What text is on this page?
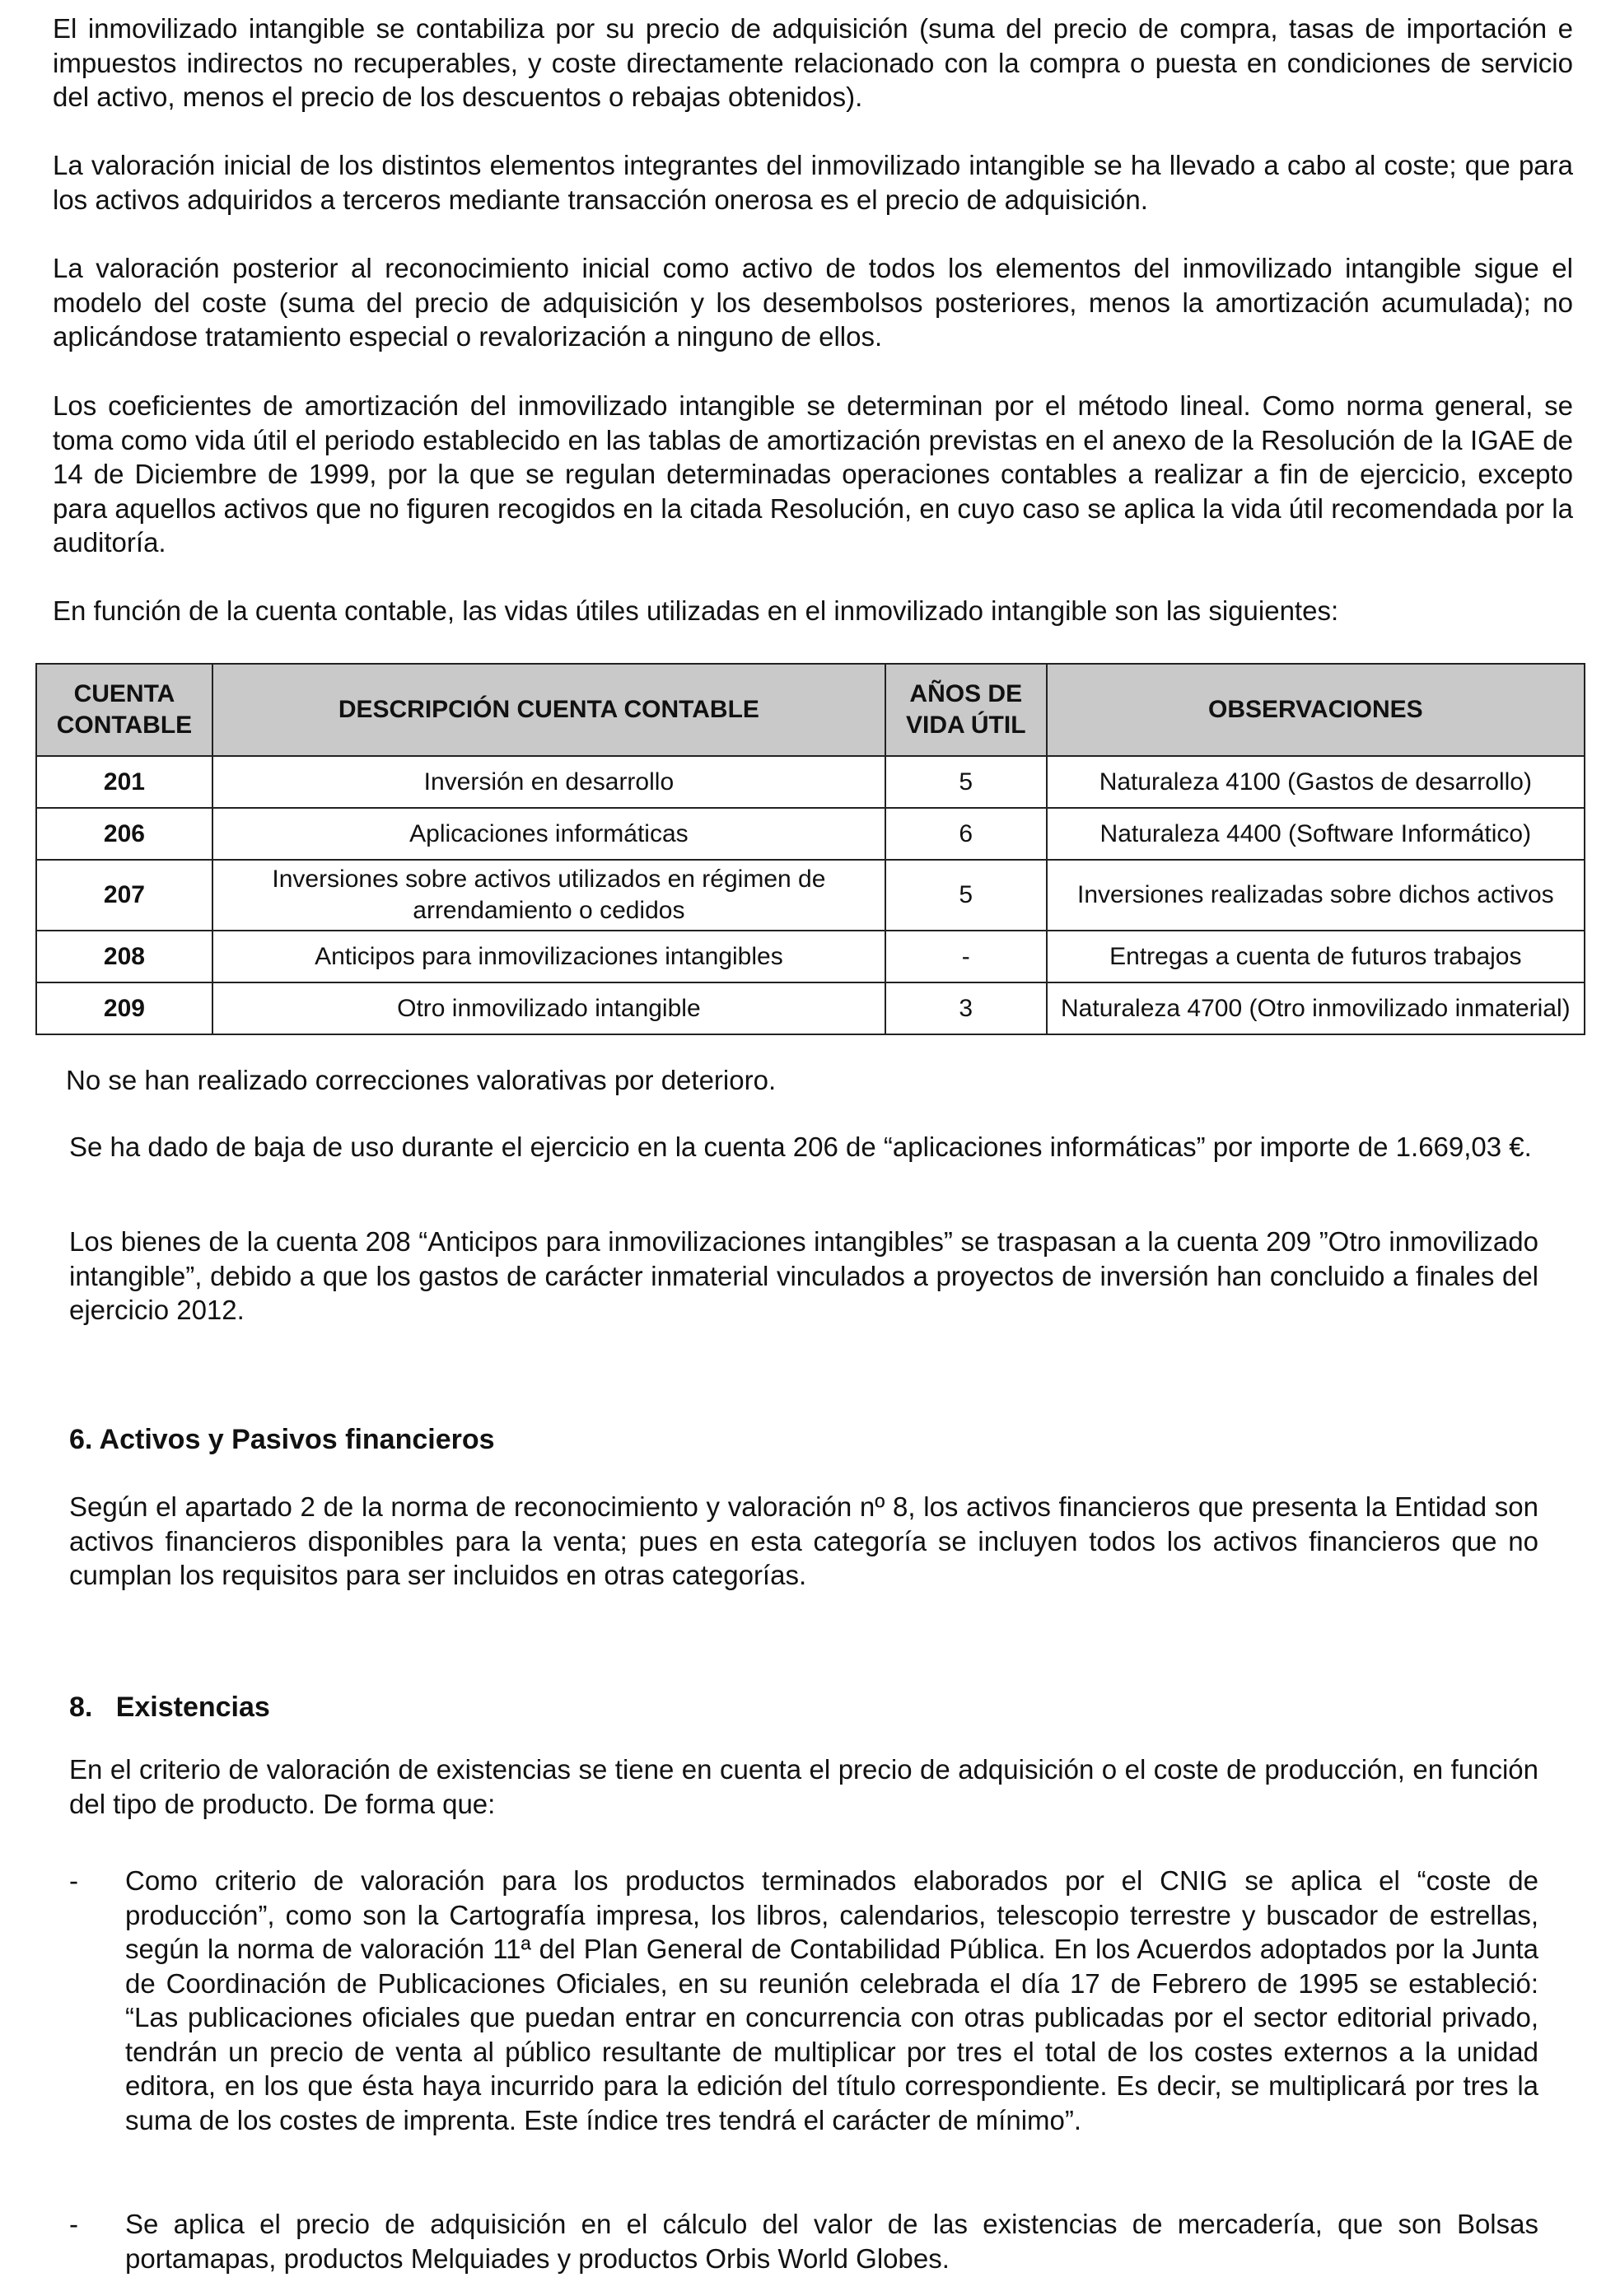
El inmovilizado intangible se contabiliza por su precio de adquisición (suma del precio de compra, tasas de importación e impuestos indirectos no recuperables, y coste directamente relacionado con la compra o puesta en condiciones de servicio del activo, menos el precio de los descuentos o rebajas obtenidos).

La valoración inicial de los distintos elementos integrantes del inmovilizado intangible se ha llevado a cabo al coste; que para los activos adquiridos a terceros mediante transacción onerosa es el precio de adquisición.

La valoración posterior al reconocimiento inicial como activo de todos los elementos del inmovilizado intangible sigue el modelo del coste (suma del precio de adquisición y los desembolsos posteriores, menos la amortización acumulada); no aplicándose tratamiento especial o revalorización a ninguno de ellos.

Los coeficientes de amortización del inmovilizado intangible se determinan por el método lineal. Como norma general, se toma como vida útil el periodo establecido en las tablas de amortización previstas en el anexo de la Resolución de la IGAE de 14 de Diciembre de 1999, por la que se regulan determinadas operaciones contables a realizar a fin de ejercicio, excepto para aquellos activos que no figuren recogidos en la citada Resolución, en cuyo caso se aplica la vida útil recomendada por la auditoría.

En función de la cuenta contable, las vidas útiles utilizadas en el inmovilizado intangible son las siguientes:

CUENTA CONTABLE	DESCRIPCIÓN CUENTA CONTABLE	AÑOS DE VIDA ÚTIL	OBSERVACIONES
201	Inversión en desarrollo	5	Naturaleza 4100 (Gastos de desarrollo)
206	Aplicaciones informáticas	6	Naturaleza 4400 (Software Informático)
207	Inversiones sobre activos utilizados en régimen de arrendamiento o cedidos	5	Inversiones realizadas sobre dichos activos
208	Anticipos para inmovilizaciones intangibles	-	Entregas a cuenta de futuros trabajos
209	Otro inmovilizado intangible	3	Naturaleza 4700 (Otro inmovilizado inmaterial)

No se han realizado correcciones valorativas por deterioro.

Se ha dado de baja de uso durante el ejercicio en la cuenta 206 de “aplicaciones informáticas” por importe de 1.669,03 €.

Los bienes de la cuenta 208 “Anticipos para inmovilizaciones intangibles” se traspasan a la cuenta 209 ”Otro inmovilizado intangible”, debido a que los gastos de carácter inmaterial vinculados a proyectos de inversión han concluido a finales del ejercicio 2012.

6. Activos y Pasivos financieros

Según el apartado 2 de la norma de reconocimiento y valoración nº 8, los activos financieros que presenta la Entidad son activos financieros disponibles para la venta; pues en esta categoría se incluyen todos los activos financieros que no cumplan los requisitos para ser incluidos en otras categorías.

8.   Existencias

En el criterio de valoración de existencias se tiene en cuenta el precio de adquisición o el coste de producción, en función del tipo de producto. De forma que:

- Como criterio de valoración para los productos terminados elaborados por el CNIG se aplica el “coste de producción”, como son la Cartografía impresa, los libros, calendarios, telescopio terrestre y buscador de estrellas, según la norma de valoración 11ª del Plan General de Contabilidad Pública. En los Acuerdos adoptados por la Junta de Coordinación de Publicaciones Oficiales, en su reunión celebrada el día 17 de Febrero de 1995 se estableció: “Las publicaciones oficiales que puedan entrar en concurrencia con otras publicadas por el sector editorial privado, tendrán un precio de venta al público resultante de multiplicar por tres el total de los costes externos a la unidad editora, en los que ésta haya incurrido para la edición del título correspondiente. Es decir, se multiplicará por tres la suma de los costes de imprenta. Este índice tres tendrá el carácter de mínimo”.
- Se aplica el precio de adquisición en el cálculo del valor de las existencias de mercadería, que son Bolsas portamapas, productos Melquiades y productos Orbis World Globes.
